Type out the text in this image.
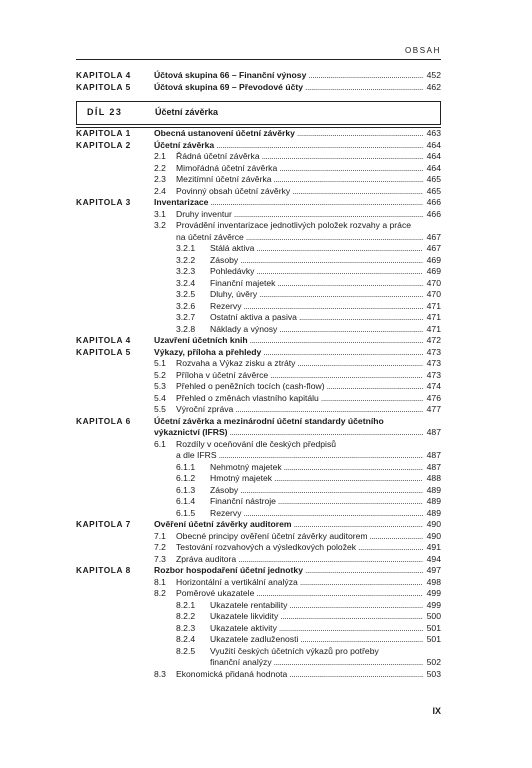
OBSAH
KAPITOLA 4	Účtová skupina 66 – Finanční výnosy . . .	452
KAPITOLA 5	Účtová skupina 69 – Převodové účty . . .	462
DÍL 23	Účetní závěrka
KAPITOLA 1	Obecná ustanovení účetní závěrky . . .	463
KAPITOLA 2	Účetní závěrka . . .	464
2.1 Řádná účetní závěrka . . .	464
2.2 Mimořádná účetní závěrka . . .	464
2.3 Mezitímní účetní závěrka . . .	465
2.4 Povinný obsah účetní závěrky . . .	465
KAPITOLA 3	Inventarizace . . .	466
3.1 Druhy inventur . . .	466
3.2 Provádění inventarizace jednotlivých položek rozvahy a práce
na účetní závěrce . . .	467
3.2.1 Stálá aktiva . . .	467
3.2.2 Zásoby . . .	469
3.2.3 Pohledávky . . .	469
3.2.4 Finanční majetek . . .	470
3.2.5 Dluhy, úvěry . . .	470
3.2.6 Rezervy . . .	471
3.2.7 Ostatní aktiva a pasiva . . .	471
3.2.8 Náklady a výnosy . . .	471
KAPITOLA 4	Uzavření účetních knih . . .	472
KAPITOLA 5	Výkazy, příloha a přehledy . . .	473
5.1 Rozvaha a Výkaz zisku a ztráty . . .	473
5.2 Příloha v účetní závěrce . . .	473
5.3 Přehled o peněžních tocích (cash-flow) . . .	474
5.4 Přehled o změnách vlastního kapitálu . . .	476
5.5 Výroční zpráva . . .	477
KAPITOLA 6	Účetní závěrka a mezinárodní účetní standardy účetního
výkaznictví (IFRS) . . .	487
6.1 Rozdíly v oceňování dle českých předpisů
a dle IFRS . . .	487
6.1.1 Nehmotný majetek . . .	487
6.1.2 Hmotný majetek . . .	488
6.1.3 Zásoby . . .	489
6.1.4 Finanční nástroje . . .	489
6.1.5 Rezervy . . .	489
KAPITOLA 7	Ověření účetní závěrky auditorem . . .	490
7.1 Obecné principy ověření účetní závěrky auditorem . . .	490
7.2 Testování rozvahových a výsledkových položek . . .	491
7.3 Zpráva auditora . . .	494
KAPITOLA 8	Rozbor hospodaření účetní jednotky . . .	497
8.1 Horizontální a vertikální analýza . . .	498
8.2 Poměrové ukazatele . . .	499
8.2.1 Ukazatele rentability . . .	499
8.2.2 Ukazatele likvidity . . .	500
8.2.3 Ukazatele aktivity . . .	501
8.2.4 Ukazatele zadluženosti . . .	501
8.2.5 Využití českých účetních výkazů pro potřeby
finanční analýzy . . .	502
8.3 Ekonomická přidaná hodnota . . .	503
IX
